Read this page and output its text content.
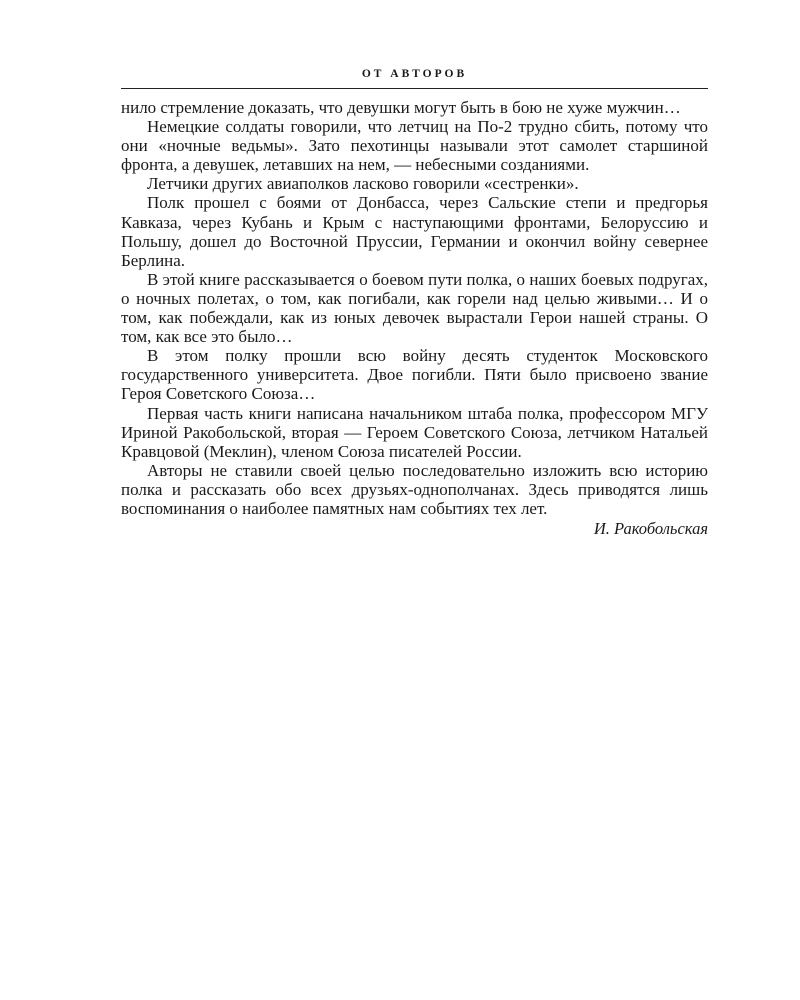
ОТ АВТОРОВ

нило стремление доказать, что девушки могут быть в бою не хуже мужчин…

Немецкие солдаты говорили, что летчиц на По-2 трудно сбить, потому что они «ночные ведьмы». Зато пехотинцы называли этот самолет старшиной фронта, а девушек, летавших на нем, — небесными созданиями.

Летчики других авиаполков ласково говорили «сестренки».

Полк прошел с боями от Донбасса, через Сальские степи и предгорья Кавказа, через Кубань и Крым с наступающими фронтами, Белоруссию и Польшу, дошел до Восточной Пруссии, Германии и окончил войну севернее Берлина.

В этой книге рассказывается о боевом пути полка, о наших боевых подругах, о ночных полетах, о том, как погибали, как горели над целью живыми… И о том, как побеждали, как из юных девочек вырастали Герои нашей страны. О том, как все это было…

В этом полку прошли всю войну десять студенток Московского государственного университета. Двое погибли. Пяти было присвоено звание Героя Советского Союза…

Первая часть книги написана начальником штаба полка, профессором МГУ Ириной Ракобольской, вторая — Героем Советского Союза, летчиком Натальей Кравцовой (Меклин), членом Союза писателей России.

Авторы не ставили своей целью последовательно изложить всю историю полка и рассказать обо всех друзьях-однополчанах. Здесь приводятся лишь воспоминания о наиболее памятных нам событиях тех лет.

И. Ракобольская
